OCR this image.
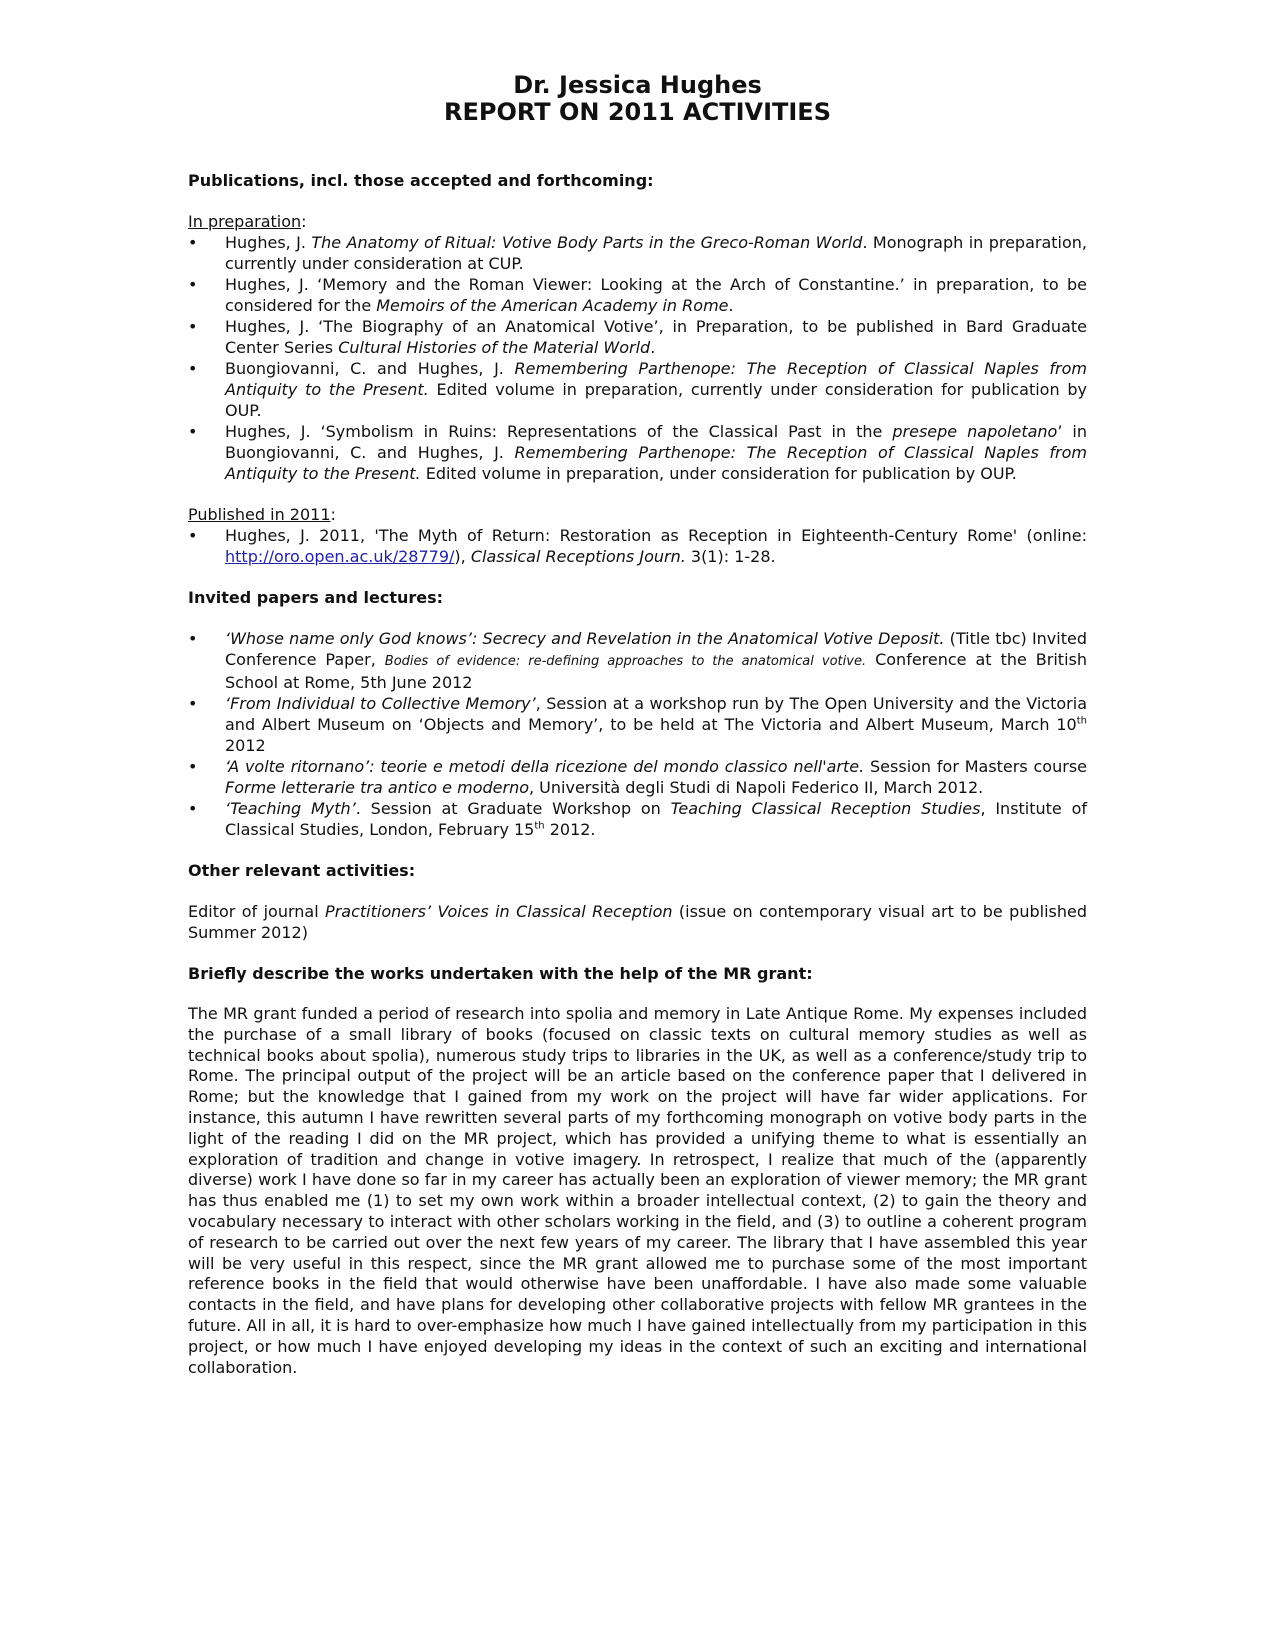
Dr. Jessica Hughes
REPORT ON 2011 ACTIVITIES

Publications, incl. those accepted and forthcoming:

In preparation:

• Hughes, J. The Anatomy of Ritual: Votive Body Parts in the Greco-Roman World. Monograph in preparation, currently under consideration at CUP.
• Hughes, J. ‘Memory and the Roman Viewer: Looking at the Arch of Constantine.’ in preparation, to be considered for the Memoirs of the American Academy in Rome.
• Hughes, J. ‘The Biography of an Anatomical Votive’, in Preparation, to be published in Bard Graduate Center Series Cultural Histories of the Material World.
• Buongiovanni, C. and Hughes, J. Remembering Parthenope: The Reception of Classical Naples from Antiquity to the Present. Edited volume in preparation, currently under consideration for publication by OUP.
• Hughes, J. ‘Symbolism in Ruins: Representations of the Classical Past in the presepe napoletano’ in Buongiovanni, C. and Hughes, J. Remembering Parthenope: The Reception of Classical Naples from Antiquity to the Present. Edited volume in preparation, under consideration for publication by OUP.

Published in 2011:

• Hughes, J. 2011, 'The Myth of Return: Restoration as Reception in Eighteenth-Century Rome' (online: http://oro.open.ac.uk/28779/), Classical Receptions Journ. 3(1): 1-28.

Invited papers and lectures:

• ‘Whose name only God knows’: Secrecy and Revelation in the Anatomical Votive Deposit. (Title tbc) Invited Conference Paper, Bodies of evidence: re-defining approaches to the anatomical votive. Conference at the British School at Rome, 5th June 2012
• ‘From Individual to Collective Memory’, Session at a workshop run by The Open University and the Victoria and Albert Museum on ‘Objects and Memory’, to be held at The Victoria and Albert Museum, March 10th 2012
• ‘A volte ritornano’: teorie e metodi della ricezione del mondo classico nell'arte. Session for Masters course Forme letterarie tra antico e moderno, Università degli Studi di Napoli Federico II, March 2012.
• ‘Teaching Myth’. Session at Graduate Workshop on Teaching Classical Reception Studies, Institute of Classical Studies, London, February 15th 2012.

Other relevant activities:

Editor of journal Practitioners’ Voices in Classical Reception (issue on contemporary visual art to be published Summer 2012)

Briefly describe the works undertaken with the help of the MR grant:

The MR grant funded a period of research into spolia and memory in Late Antique Rome. My expenses included the purchase of a small library of books (focused on classic texts on cultural memory studies as well as technical books about spolia), numerous study trips to libraries in the UK, as well as a conference/study trip to Rome. The principal output of the project will be an article based on the conference paper that I delivered in Rome; but the knowledge that I gained from my work on the project will have far wider applications. For instance, this autumn I have rewritten several parts of my forthcoming monograph on votive body parts in the light of the reading I did on the MR project, which has provided a unifying theme to what is essentially an exploration of tradition and change in votive imagery. In retrospect, I realize that much of the (apparently diverse) work I have done so far in my career has actually been an exploration of viewer memory; the MR grant has thus enabled me (1) to set my own work within a broader intellectual context, (2) to gain the theory and vocabulary necessary to interact with other scholars working in the field, and (3) to outline a coherent program of research to be carried out over the next few years of my career. The library that I have assembled this year will be very useful in this respect, since the MR grant allowed me to purchase some of the most important reference books in the field that would otherwise have been unaffordable. I have also made some valuable contacts in the field, and have plans for developing other collaborative projects with fellow MR grantees in the future. All in all, it is hard to over-emphasize how much I have gained intellectually from my participation in this project, or how much I have enjoyed developing my ideas in the context of such an exciting and international collaboration.
